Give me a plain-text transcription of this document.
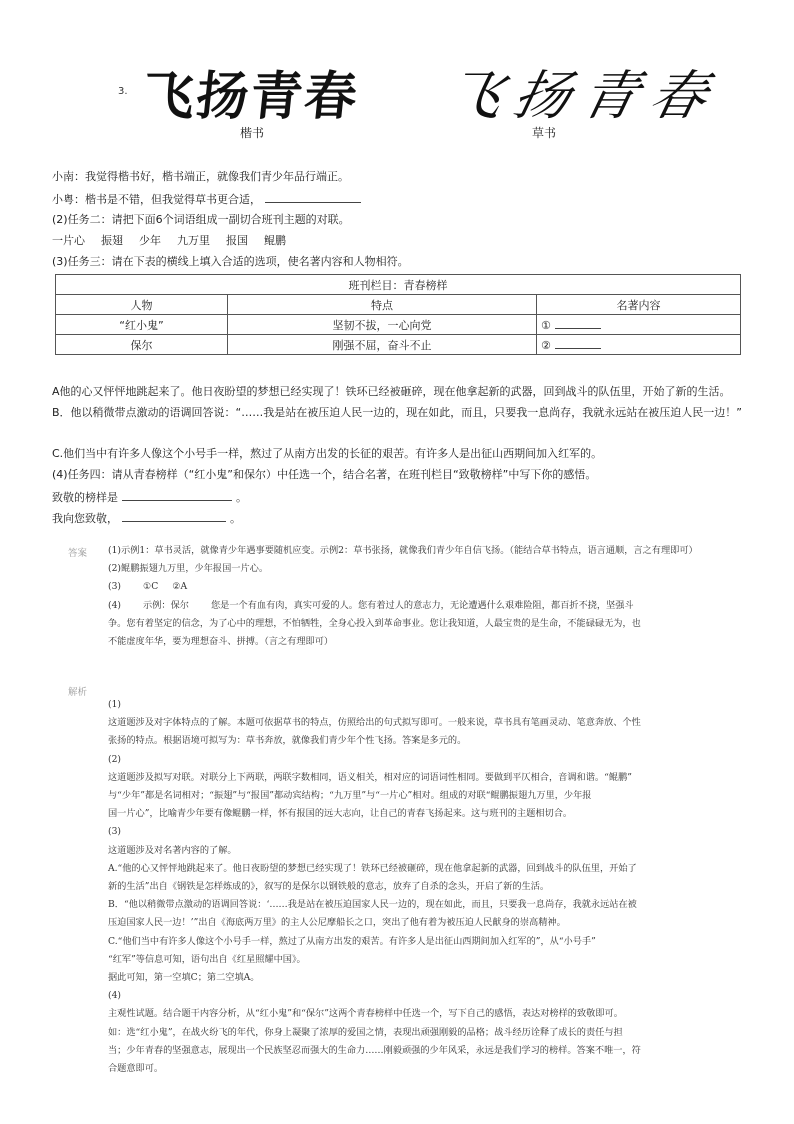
3. 飞扬青春 飞扬青春
楷书	草书
小南：我觉得楷书好，楷书端正，就像我们青少年品行端正。
小粤：楷书是不错，但我觉得草书更合适，
(2)任务二：请把下面6个词语组成一副切合班刊主题的对联。
一片心 振翅 少年 九万里 报国 鲲鹏
(3)任务三：请在下表的横线上填入合适的选项，使名著内容和人物相符。
班刊栏目：青春榜样		
人物	特点	名著内容
“红小鬼”	坚韧不拔，一心向党	①
保尔	刚强不屈，奋斗不止	②
A他的心又怦怦地跳起来了。他日夜盼望的梦想已经实现了！铁环已经被砸碎，现在他拿起新的武器，回到战斗的队伍里，开始了新的生活。
B．他以稍微带点激动的语调回答说：“……我是站在被压迫人民一边的，现在如此，而且，只要我一息尚存，我就永远站在被压迫人民一边！”
C.他们当中有许多人像这个小号手一样，熬过了从南方出发的长征的艰苦。有许多人是出征山西期间加入红军的。
(4)任务四：请从青春榜样（“红小鬼”和保尔）中任选一个，结合名著，在班刊栏目“致敬榜样”中写下你的感悟。
致敬的榜样是	。
我向您致敬，	。
答案 (1)示例1：草书灵活，就像青少年遇事要随机应变。示例2：草书张扬，就像我们青少年自信飞扬。（能结合草书特点，语言通顺，言之有理即可）
(2)鲲鹏振翅九万里，少年报国一片心。
(3) ①C ②A
(4) 示例：保尔 您是一个有血有肉，真实可爱的人。您有着过人的意志力，无论遭遇什么艰难险阻，都百折不挠，坚强斗
争。您有着坚定的信念，为了心中的理想，不怕牺牲，全身心投入到革命事业。您让我知道，人最宝贵的是生命，不能碌碌无为，也
不能虚度年华，要为理想奋斗、拼搏。（言之有理即可）
解析
(1)
这道题涉及对字体特点的了解。本题可依据草书的特点，仿照给出的句式拟写即可。一般来说，草书具有笔画灵动、笔意奔放、个性
张扬的特点。根据语境可拟写为：草书奔放，就像我们青少年个性飞扬。答案是多元的。
(2)
这道题涉及拟写对联。对联分上下两联，两联字数相同，语义相关，相对应的词语词性相同。要做到平仄相合，音调和谐。“鲲鹏”
与“少年”都是名词相对；“振翅”与“报国”都动宾结构；“九万里”与“一片心”相对。组成的对联“鲲鹏振翅九万里，少年报
国一片心”，比喻青少年要有像鲲鹏一样，怀有报国的远大志向，让自己的青春飞扬起来。这与班刊的主题相切合。
(3)
这道题涉及对名著内容的了解。
A.“他的心又怦怦地跳起来了。他日夜盼望的梦想已经实现了！铁环已经被砸碎，现在他拿起新的武器，回到战斗的队伍里，开始了
新的生活”出自《钢铁是怎样炼成的》，叙写的是保尔以钢铁般的意志，放弃了自杀的念头，开启了新的生活。
B．“他以稍微带点激动的语调回答说：‘……我是站在被压迫国家人民一边的，现在如此，而且，只要我一息尚存，我就永远站在被
压迫国家人民一边！’”出自《海底两万里》的主人公尼摩船长之口，突出了他有着为被压迫人民献身的崇高精神。
C.“他们当中有许多人像这个小号手一样，熬过了从南方出发的艰苦。有许多人是出征山西期间加入红军的”，从“小号手”
“红军”等信息可知，语句出自《红星照耀中国》。
据此可知，第一空填C；第二空填A。
(4)
主观性试题。结合题干内容分析，从“红小鬼”和“保尔”这两个青春榜样中任选一个，写下自己的感悟，表达对榜样的致敬即可。
如：选“红小鬼”，在战火纷飞的年代，你身上凝聚了浓厚的爱国之情，表现出顽强刚毅的品格；战斗经历诠释了成长的责任与担
当；少年青春的坚强意志，展现出一个民族坚忍而强大的生命力……刚毅顽强的少年风采，永远是我们学习的榜样。答案不唯一，符
合题意即可。
